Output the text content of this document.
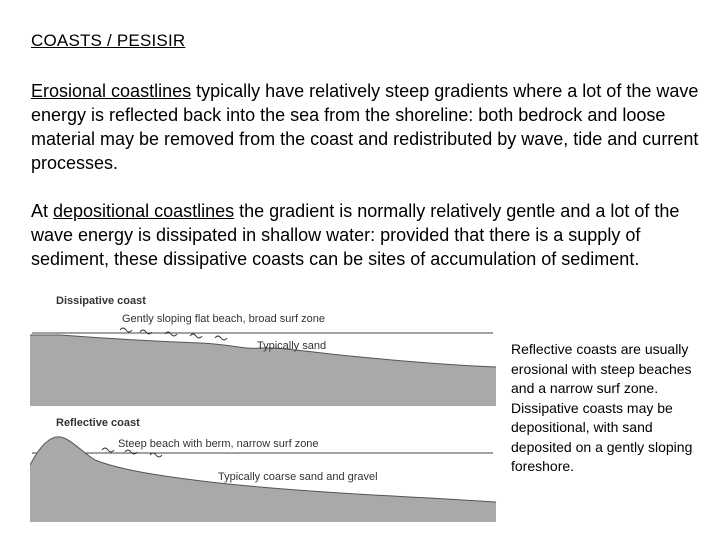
COASTS / PESISIR

Erosional coastlines typically have relatively steep gradients where a lot of the wave energy is reflected back into the sea from the shoreline: both bedrock and loose material may be removed from the coast and redistributed by wave, tide and current processes.

At depositional coastlines the gradient is normally relatively gentle and a lot of the wave energy is dissipated in shallow water: provided that there is a supply of sediment, these dissipative coasts can be sites of accumulation of sediment.

Dissipative coast
Gently sloping flat beach, broad surf zone
Typically sand
Reflective coast
Steep beach with berm, narrow surf zone
Typically coarse sand and gravel

Reflective coasts are usually erosional with steep beaches and a narrow surf zone. Dissipative coasts may be depositional, with sand deposited on a gently sloping foreshore.
